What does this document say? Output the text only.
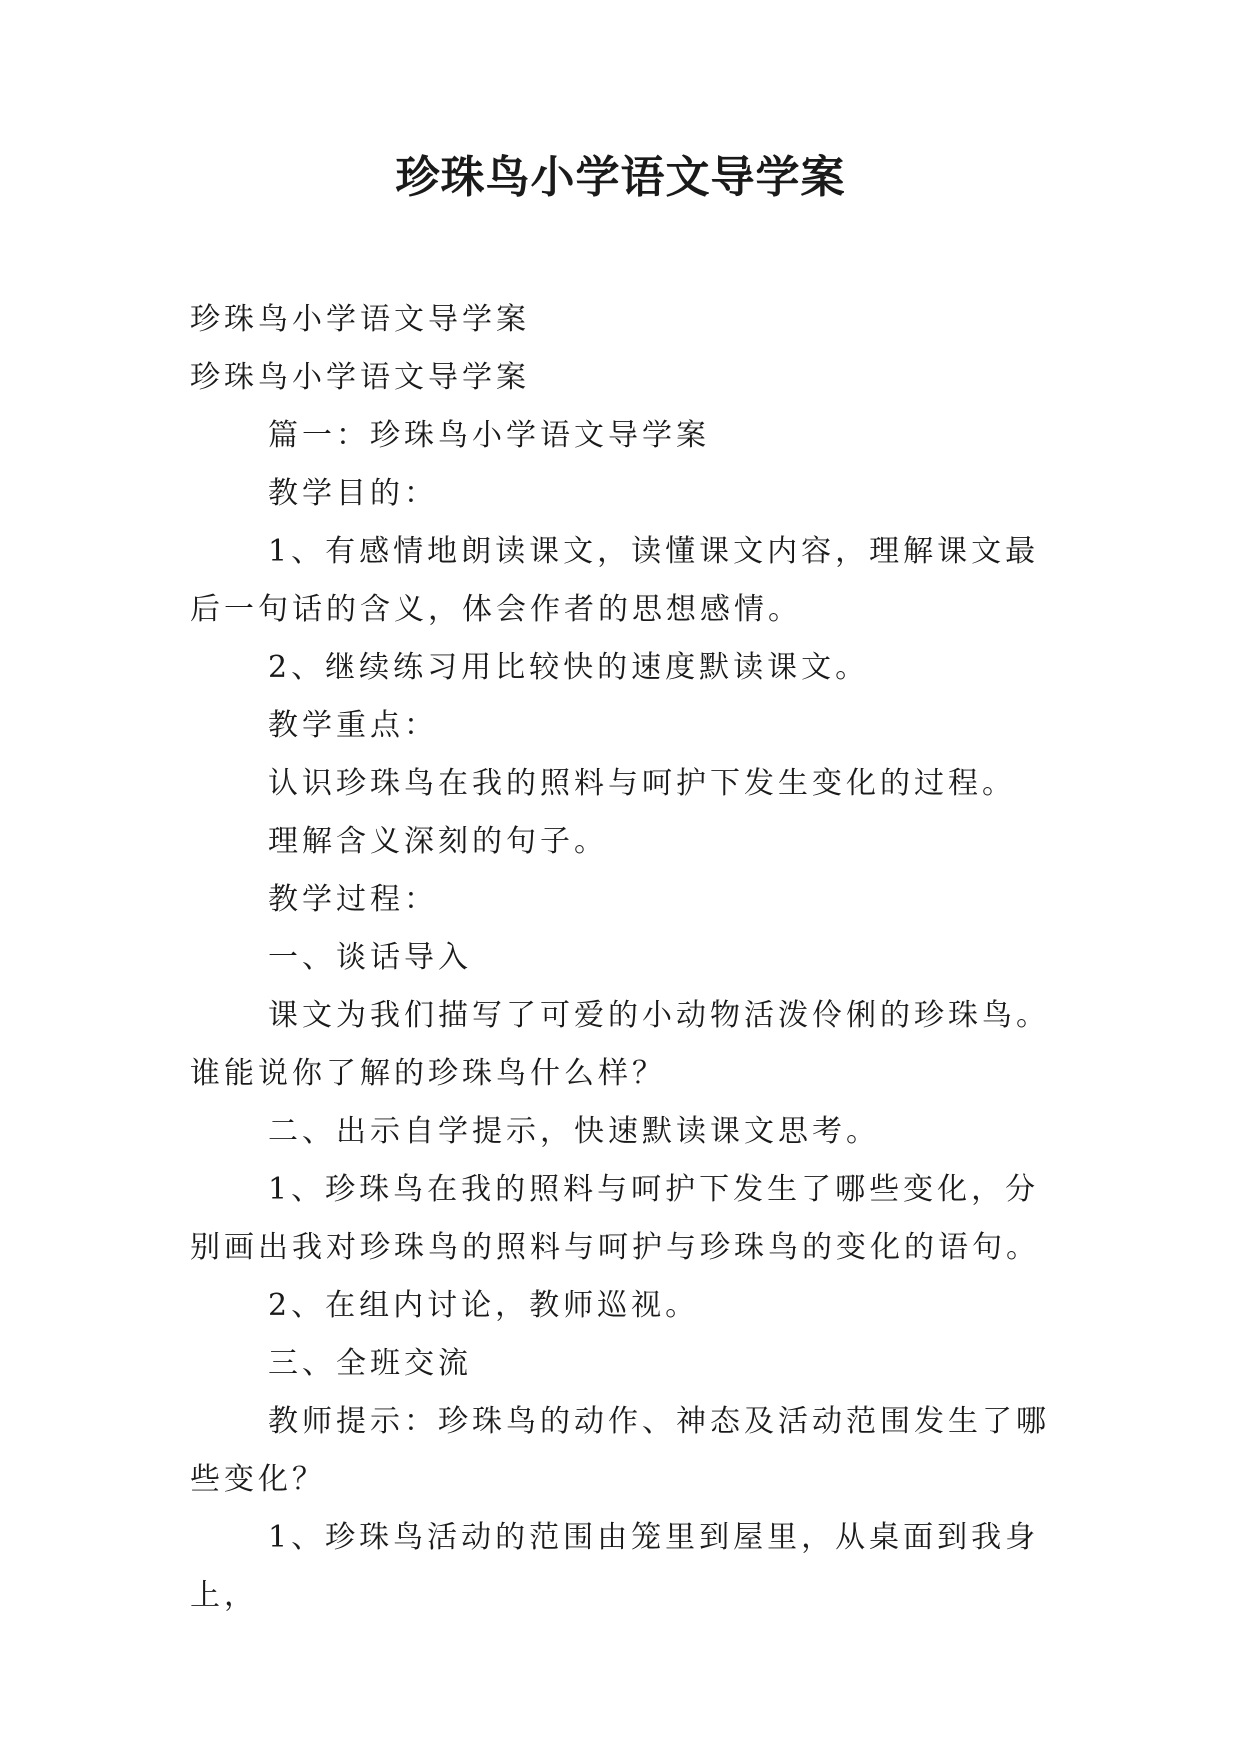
珍珠鸟小学语文导学案

珍珠鸟小学语文导学案

珍珠鸟小学语文导学案

篇一：珍珠鸟小学语文导学案

教学目的：

1、有感情地朗读课文，读懂课文内容，理解课文最后一句话的含义，体会作者的思想感情。

2、继续练习用比较快的速度默读课文。

教学重点：

认识珍珠鸟在我的照料与呵护下发生变化的过程。

理解含义深刻的句子。

教学过程：

一、谈话导入

课文为我们描写了可爱的小动物活泼伶俐的珍珠鸟。谁能说你了解的珍珠鸟什么样？

二、出示自学提示，快速默读课文思考。

1、珍珠鸟在我的照料与呵护下发生了哪些变化，分别画出我对珍珠鸟的照料与呵护与珍珠鸟的变化的语句。

2、在组内讨论，教师巡视。

三、全班交流

教师提示：珍珠鸟的动作、神态及活动范围发生了哪些变化？

1、珍珠鸟活动的范围由笼里到屋里，从桌面到我身上，
